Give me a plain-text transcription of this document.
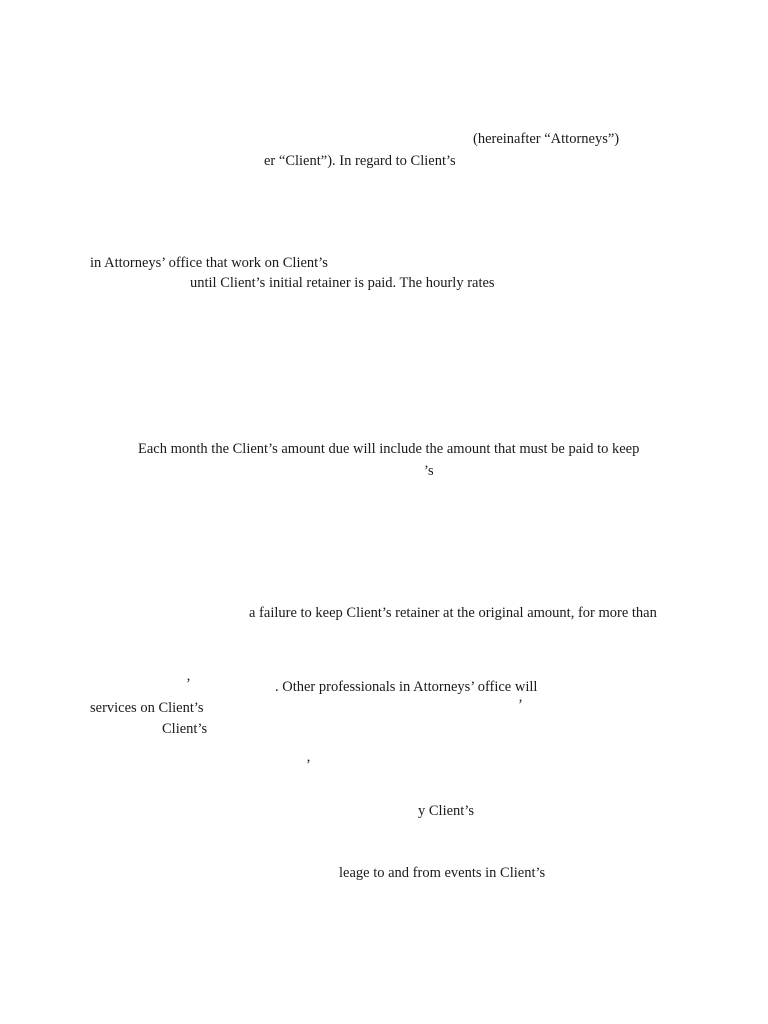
(hereinafter “Attorneys”)
er “Client”). In regard to Client’s
in Attorneys’ office that work on Client’s
until Client’s initial retainer is paid. The hourly rates
Each month the Client’s amount due will include the amount that must be paid to keep
’s
a failure to keep Client’s retainer at the original amount, for more than
’	. Other professionals in Attorneys’ office will
services on Client’s	’
Client’s
’
y Client’s
leage to and from events in Client’s
